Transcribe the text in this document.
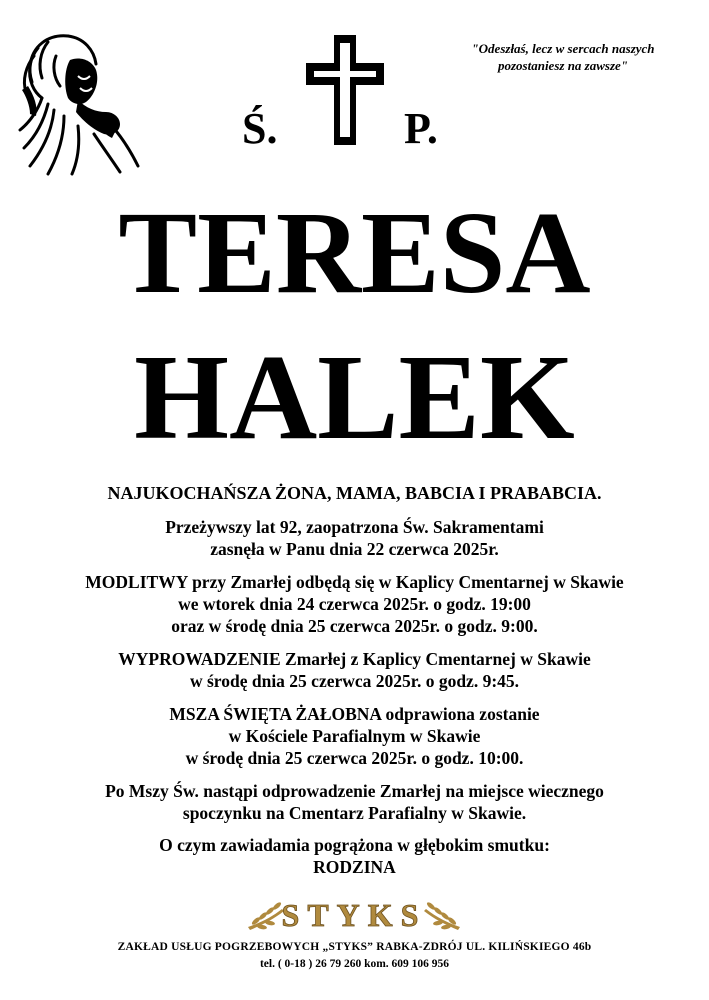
Ś.	P.
"Odeszłaś, lecz w sercach naszych
pozostaniesz na zawsze"
TERESA
HALEK
NAJUKOCHAŃSZA ŻONA, MAMA, BABCIA I PRABABCIA.
Przeżywszy lat 92, zaopatrzona Św. Sakramentami
zasnęła w Panu dnia 22 czerwca 2025r.
MODLITWY przy Zmarłej odbędą się w Kaplicy Cmentarnej w Skawie
we wtorek dnia 24 czerwca 2025r. o godz. 19:00
oraz w środę dnia 25 czerwca 2025r. o godz. 9:00.
WYPROWADZENIE Zmarłej z Kaplicy Cmentarnej w Skawie
w środę dnia 25 czerwca 2025r. o godz. 9:45.
MSZA ŚWIĘTA ŻAŁOBNA odprawiona zostanie
w Kościele Parafialnym w Skawie
w środę dnia 25 czerwca 2025r. o godz. 10:00.
Po Mszy Św. nastąpi odprowadzenie Zmarłej na miejsce wiecznego
spoczynku na Cmentarz Parafialny w Skawie.
O czym zawiadamia pogrążona w głębokim smutku:
RODZINA
STYKS
ZAKŁAD USŁUG POGRZEBOWYCH „STYKS” RABKA-ZDRÓJ UL. KILIŃSKIEGO 46b
tel. ( 0-18 ) 26 79 260 kom. 609 106 956
